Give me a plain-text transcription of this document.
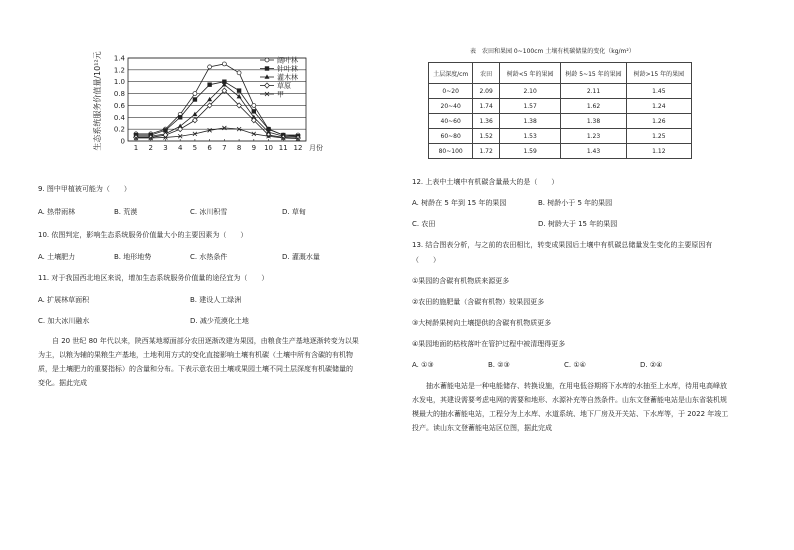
生态系统服务价值量/10¹²元	0
0.2
0.4
0.6
0.8
1.0
1.2
1.4
1 2 3 4 5 6 7 8 9 10 11 12 月份
阔叶林
针叶林
灌木林
草原
甲
9. 图中甲植被可能为（　　）
A. 热带雨林	B. 荒漠	C. 冰川积雪	D. 草甸
10. 依图判定，影响生态系统服务价值量大小的主要因素为（　　）
A. 土壤肥力	B. 地形地势	C. 水热条件	D. 灌溉水量
11. 对于我国西北地区来说，增加生态系统服务价值量的途径宜为（　　）
A. 扩展林草面积	B. 建设人工绿洲
C. 加大冰川融水	D. 减少荒漠化土地
自 20 世纪 80 年代以来，陕西某地塬面部分农田逐渐改建为果园，由粮食生产基地逐渐转变为以果
为主，以粮为辅的果粮生产基地，土地利用方式的变化直接影响土壤有机碳（土壤中所有含碳的有机物
质，是土壤肥力的重要指标）的含量和分布。下表示意农田土壤或果园土壤不同土层深度有机碳储量的
变化。据此完成
表　农田和果园 0~100cm 土壤有机碳储量的变化（kg/m²）
土层深度/cm	农田	树龄<5 年的果园	树龄 5~15 年的果园	树龄>15 年的果园
0~20	2.09	2.10	2.11	1.45
20~40	1.74	1.57	1.62	1.24
40~60	1.36	1.38	1.38	1.26
60~80	1.52	1.53	1.23	1.25
80~100	1.72	1.59	1.43	1.12
12. 上表中土壤中有机碳含量最大的是（　　）
A. 树龄在 5 年到 15 年的果园	B. 树龄小于 5 年的果园
C. 农田	D. 树龄大于 15 年的果园
13. 结合图表分析，与之前的农田相比，转变成果园后土壤中有机碳总储量发生变化的主要原因有
（　　）
①果园的含碳有机物质来源更多
②农田的施肥量（含碳有机物）较果园更多
③大树龄果树向土壤提供的含碳有机物质更多
④果园地面的枯枝落叶在管护过程中被清理得更多
A. ①③	B. ②③	C. ①④	D. ②④
抽水蓄能电站是一种电能储存、转换设施，在用电低谷期将下水库的水抽至上水库，待用电高峰放
水发电，其建设需要考虑电网的需要和地形、水源补充等自然条件。山东文登蓄能电站是山东省装机规
模最大的抽水蓄能电站，工程分为上水库、水道系统、地下厂房及开关站、下水库等，于 2022 年竣工
投产。读山东文登蓄能电站区位图，据此完成
